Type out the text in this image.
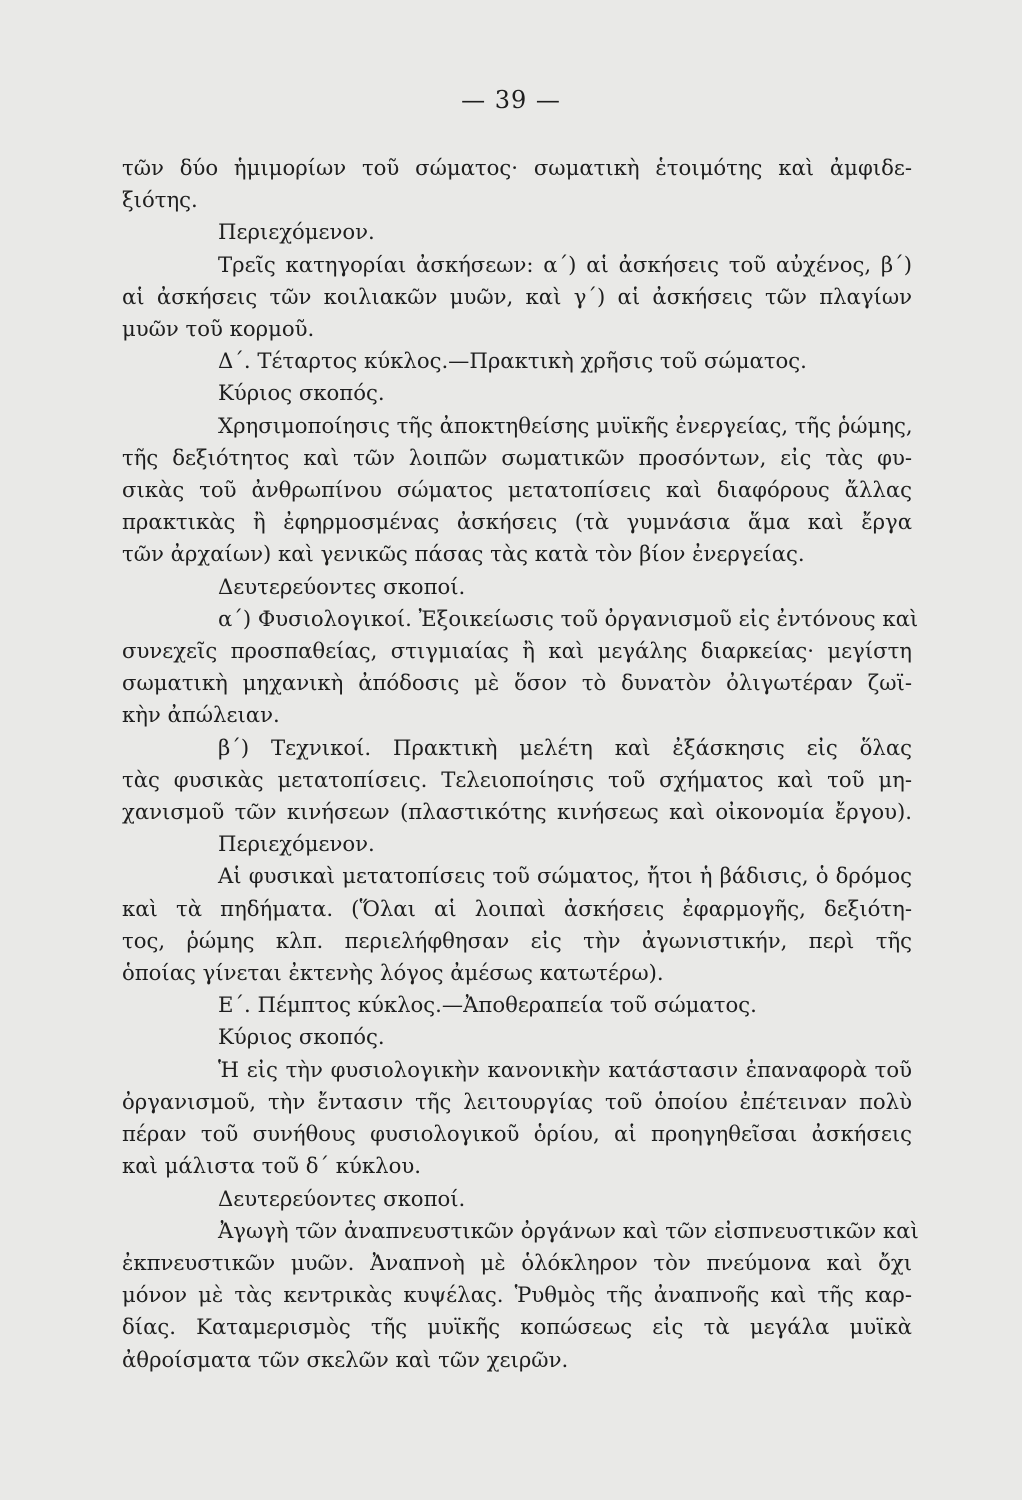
— 39 —
τῶν δύο ἡμιμορίων τοῦ σώματος· σωματικὴ ἑτοιμότης καὶ ἀμφιδε-
ξιότης.
Περιεχόμενον.
Τρεῖς κατηγορίαι ἀσκήσεων: α΄) αἱ ἀσκήσεις τοῦ αὐχένος, β΄)
αἱ ἀσκήσεις τῶν κοιλιακῶν μυῶν, καὶ γ΄) αἱ ἀσκήσεις τῶν πλαγίων
μυῶν τοῦ κορμοῦ.
Δ΄. Τέταρτος κύκλος.—Πρακτικὴ χρῆσις τοῦ σώματος.
Κύριος σκοπός.
Χρησιμοποίησις τῆς ἀποκτηθείσης μυϊκῆς ἐνεργείας, τῆς ῥώμης,
τῆς δεξιότητος καὶ τῶν λοιπῶν σωματικῶν προσόντων, εἰς τὰς φυ-
σικὰς τοῦ ἀνθρωπίνου σώματος μετατοπίσεις καὶ διαφόρους ἄλλας
πρακτικὰς ἢ ἐφηρμοσμένας ἀσκήσεις (τὰ γυμνάσια ἅμα καὶ ἔργα
τῶν ἀρχαίων) καὶ γενικῶς πάσας τὰς κατὰ τὸν βίον ἐνεργείας.
Δευτερεύοντες σκοποί.
α΄) Φυσιολογικοί. Ἐξοικείωσις τοῦ ὀργανισμοῦ εἰς ἐντόνους καὶ
συνεχεῖς προσπαθείας, στιγμιαίας ἢ καὶ μεγάλης διαρκείας· μεγίστη
σωματικὴ μηχανικὴ ἀπόδοσις μὲ ὅσον τὸ δυνατὸν ὀλιγωτέραν ζωϊ-
κὴν ἀπώλειαν.
β΄) Τεχνικοί. Πρακτικὴ μελέτη καὶ ἐξάσκησις εἰς ὅλας
τὰς φυσικὰς μετατοπίσεις. Τελειοποίησις τοῦ σχήματος καὶ τοῦ μη-
χανισμοῦ τῶν κινήσεων (πλαστικότης κινήσεως καὶ οἰκονομία ἔργου).
Περιεχόμενον.
Αἱ φυσικαὶ μετατοπίσεις τοῦ σώματος, ἤτοι ἡ βάδισις, ὁ δρόμος
καὶ τὰ πηδήματα. (Ὅλαι αἱ λοιπαὶ ἀσκήσεις ἐφαρμογῆς, δεξιότη-
τος, ῥώμης κλπ. περιελήφθησαν εἰς τὴν ἀγωνιστικήν, περὶ τῆς
ὁποίας γίνεται ἐκτενὴς λόγος ἀμέσως κατωτέρω).
Ε΄. Πέμπτος κύκλος.—Ἀποθεραπεία τοῦ σώματος.
Κύριος σκοπός.
Ἡ εἰς τὴν φυσιολογικὴν κανονικὴν κατάστασιν ἐπαναφορὰ τοῦ
ὀργανισμοῦ, τὴν ἔντασιν τῆς λειτουργίας τοῦ ὁποίου ἐπέτειναν πολὺ
πέραν τοῦ συνήθους φυσιολογικοῦ ὁρίου, αἱ προηγηθεῖσαι ἀσκήσεις
καὶ μάλιστα τοῦ δ΄ κύκλου.
Δευτερεύοντες σκοποί.
Ἀγωγὴ τῶν ἀναπνευστικῶν ὀργάνων καὶ τῶν εἰσπνευστικῶν καὶ
ἐκπνευστικῶν μυῶν. Ἀναπνοὴ μὲ ὁλόκληρον τὸν πνεύμονα καὶ ὄχι
μόνον μὲ τὰς κεντρικὰς κυψέλας. Ῥυθμὸς τῆς ἀναπνοῆς καὶ τῆς καρ-
δίας. Καταμερισμὸς τῆς μυϊκῆς κοπώσεως εἰς τὰ μεγάλα μυϊκὰ
ἀθροίσματα τῶν σκελῶν καὶ τῶν χειρῶν.
